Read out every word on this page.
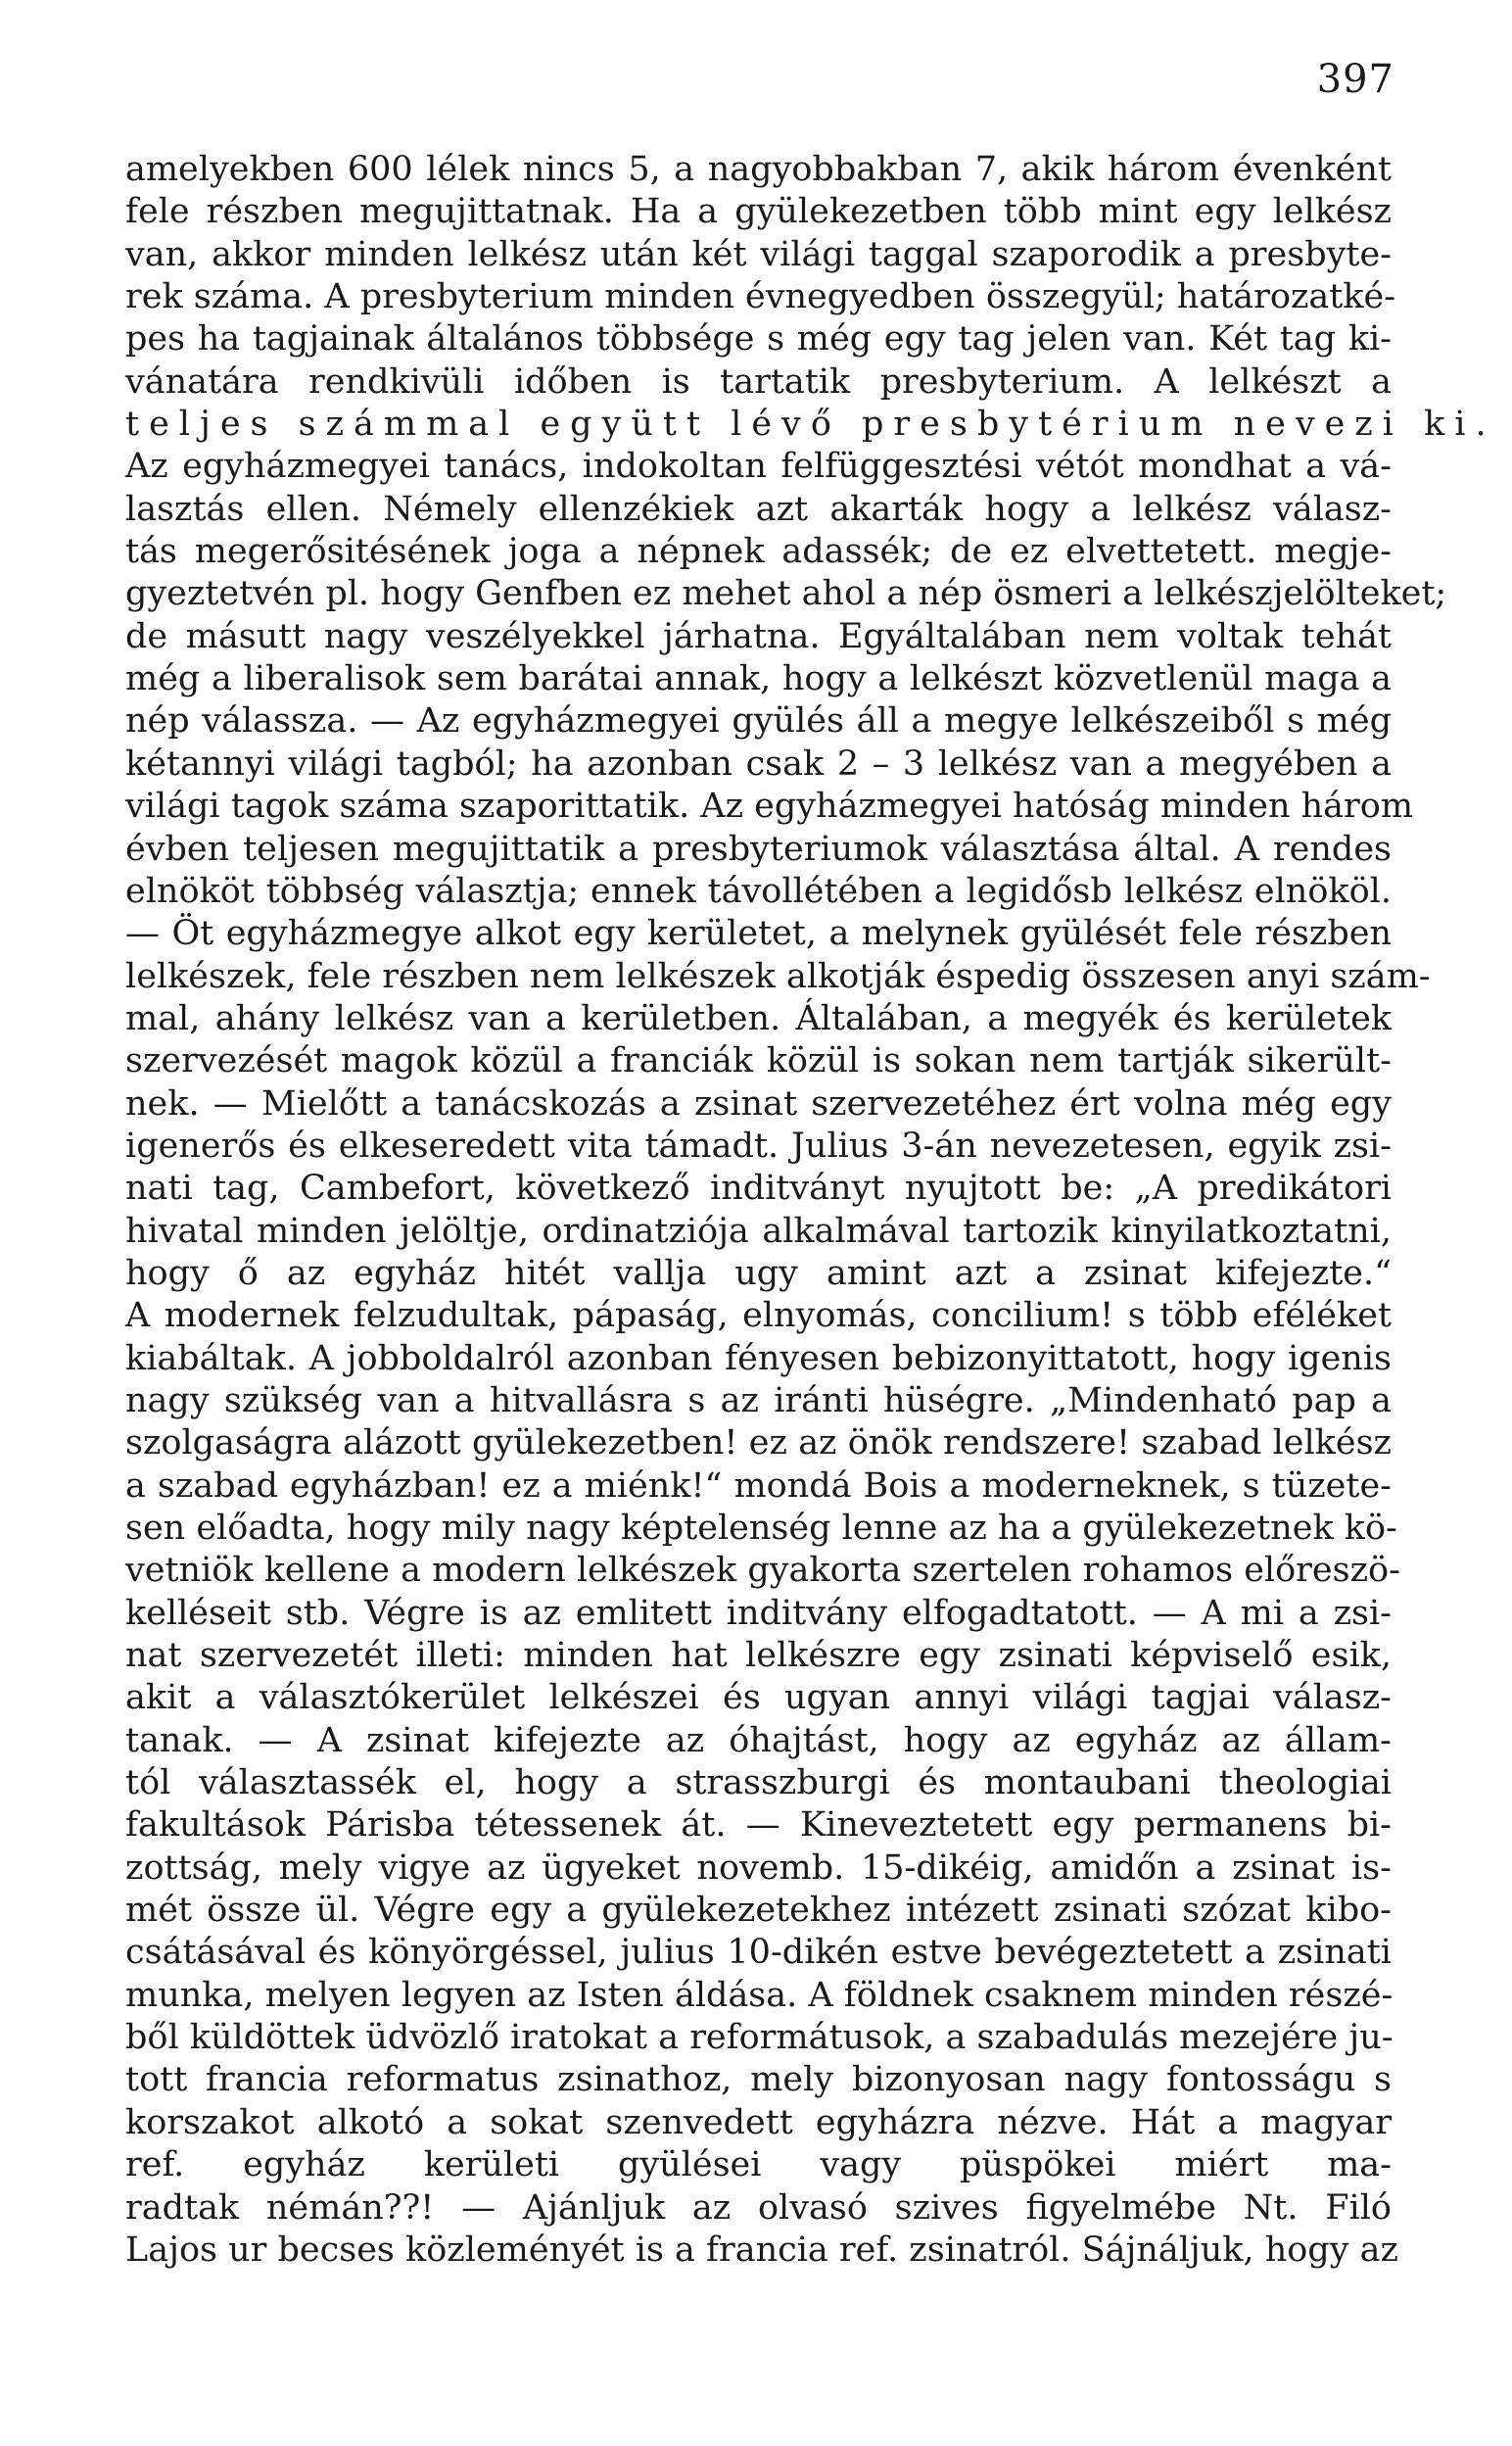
397
amelyekben 600 lélek nincs 5, a nagyobbakban 7, akik három évenként
fele részben megujittatnak. Ha a gyülekezetben több mint egy lelkész
van, akkor minden lelkész után két világi taggal szaporodik a presbyte-
rek száma. A presbyterium minden évnegyedben összegyül; határozatké-
pes ha tagjainak általános többsége s még egy tag jelen van. Két tag ki-
vánatára rendkivüli időben is tartatik presbyterium. A lelkészt a
teljes számmal együtt lévő presbytérium nevezi ki.
Az egyházmegyei tanács, indokoltan felfüggesztési vétót mondhat a vá-
lasztás ellen. Némely ellenzékiek azt akarták hogy a lelkész válasz-
tás megerősitésének joga a népnek adassék; de ez elvettetett. megje-
gyeztetvén pl. hogy Genfben ez mehet ahol a nép ösmeri a lelkészjelölteket;
de másutt nagy veszélyekkel járhatna. Egyáltalában nem voltak tehát
még a liberalisok sem barátai annak, hogy a lelkészt közvetlenül maga a
nép válassza. — Az egyházmegyei gyülés áll a megye lelkészeiből s még
kétannyi világi tagból; ha azonban csak 2 – 3 lelkész van a megyében a
világi tagok száma szaporittatik. Az egyházmegyei hatóság minden három
évben teljesen megujittatik a presbyteriumok választása által. A rendes
elnököt többség választja; ennek távollétében a legidősb lelkész elnököl.
— Öt egyházmegye alkot egy kerületet, a melynek gyülését fele részben
lelkészek, fele részben nem lelkészek alkotják éspedig összesen anyi szám-
mal, ahány lelkész van a kerületben. Általában, a megyék és kerületek
szervezését magok közül a franciák közül is sokan nem tartják sikerült-
nek. — Mielőtt a tanácskozás a zsinat szervezetéhez ért volna még egy
igenerős és elkeseredett vita támadt. Julius 3-án nevezetesen, egyik zsi-
nati tag, Cambefort, következő inditványt nyujtott be: „A predikátori
hivatal minden jelöltje, ordinatziója alkalmával tartozik kinyilatkoztatni,
hogy ő az egyház hitét vallja ugy amint azt a zsinat kifejezte.“
A modernek felzudultak, pápaság, elnyomás, concilium! s több eféléket
kiabáltak. A jobboldalról azonban fényesen bebizonyittatott, hogy igenis
nagy szükség van a hitvallásra s az iránti hüségre. „Mindenható pap a
szolgaságra alázott gyülekezetben! ez az önök rendszere! szabad lelkész
a szabad egyházban! ez a miénk!“ mondá Bois a moderneknek, s tüzete-
sen előadta, hogy mily nagy képtelenség lenne az ha a gyülekezetnek kö-
vetniök kellene a modern lelkészek gyakorta szertelen rohamos előreszö-
kelléseit stb. Végre is az emlitett inditvány elfogadtatott. — A mi a zsi-
nat szervezetét illeti: minden hat lelkészre egy zsinati képviselő esik,
akit a választókerület lelkészei és ugyan annyi világi tagjai válasz-
tanak. — A zsinat kifejezte az óhajtást, hogy az egyház az állam-
tól választassék el, hogy a strasszburgi és montaubani theologiai
fakultások Párisba tétessenek át. — Kineveztetett egy permanens bi-
zottság, mely vigye az ügyeket novemb. 15-dikéig, amidőn a zsinat is-
mét össze ül. Végre egy a gyülekezetekhez intézett zsinati szózat kibo-
csátásával és könyörgéssel, julius 10-dikén estve bevégeztetett a zsinati
munka, melyen legyen az Isten áldása. A földnek csaknem minden részé-
ből küldöttek üdvözlő iratokat a reformátusok, a szabadulás mezejére ju-
tott francia reformatus zsinathoz, mely bizonyosan nagy fontosságu s
korszakot alkotó a sokat szenvedett egyházra nézve. Hát a magyar
ref. egyház kerületi gyülései vagy püspökei miért ma-
radtak némán??! — Ajánljuk az olvasó szives figyelmébe Nt. Filó
Lajos ur becses közleményét is a francia ref. zsinatról. Sájnáljuk, hogy az
